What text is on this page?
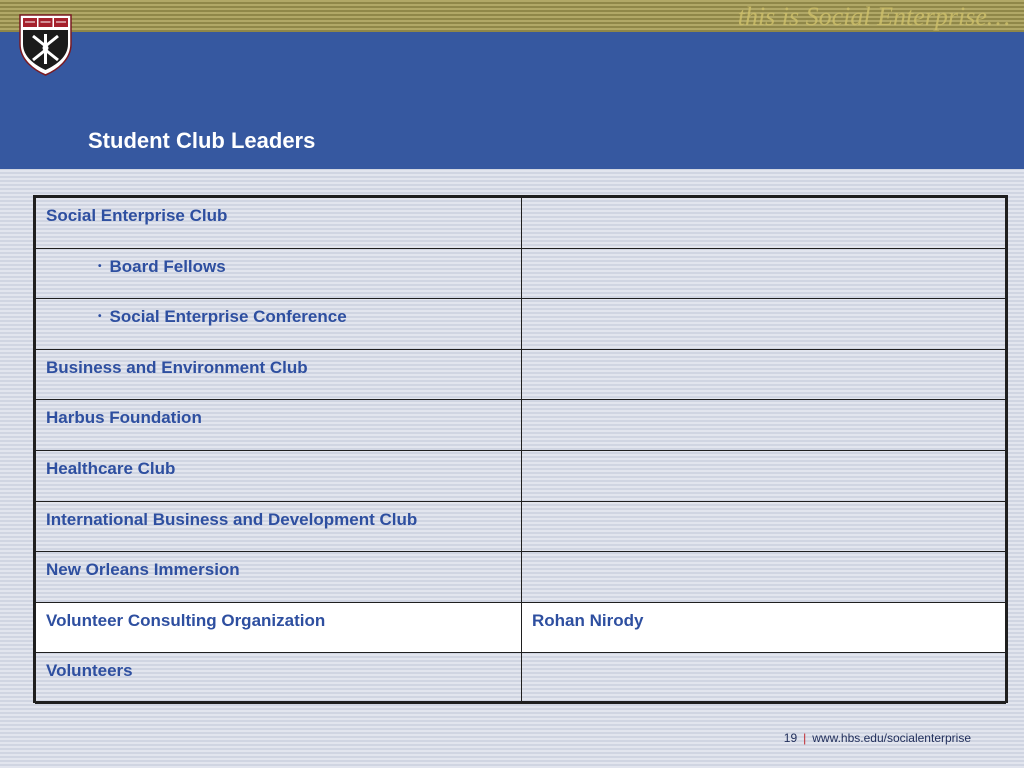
this is Social Enterprise…
Student Club Leaders
Social Enterprise Club	
• Board Fellows	
• Social Enterprise Conference	
Business and Environment Club	
Harbus Foundation	
Healthcare Club	
International Business and Development Club	
New Orleans Immersion	
Volunteer Consulting Organization	Rohan Nirody
Volunteers	
19 | www.hbs.edu/socialenterprise
